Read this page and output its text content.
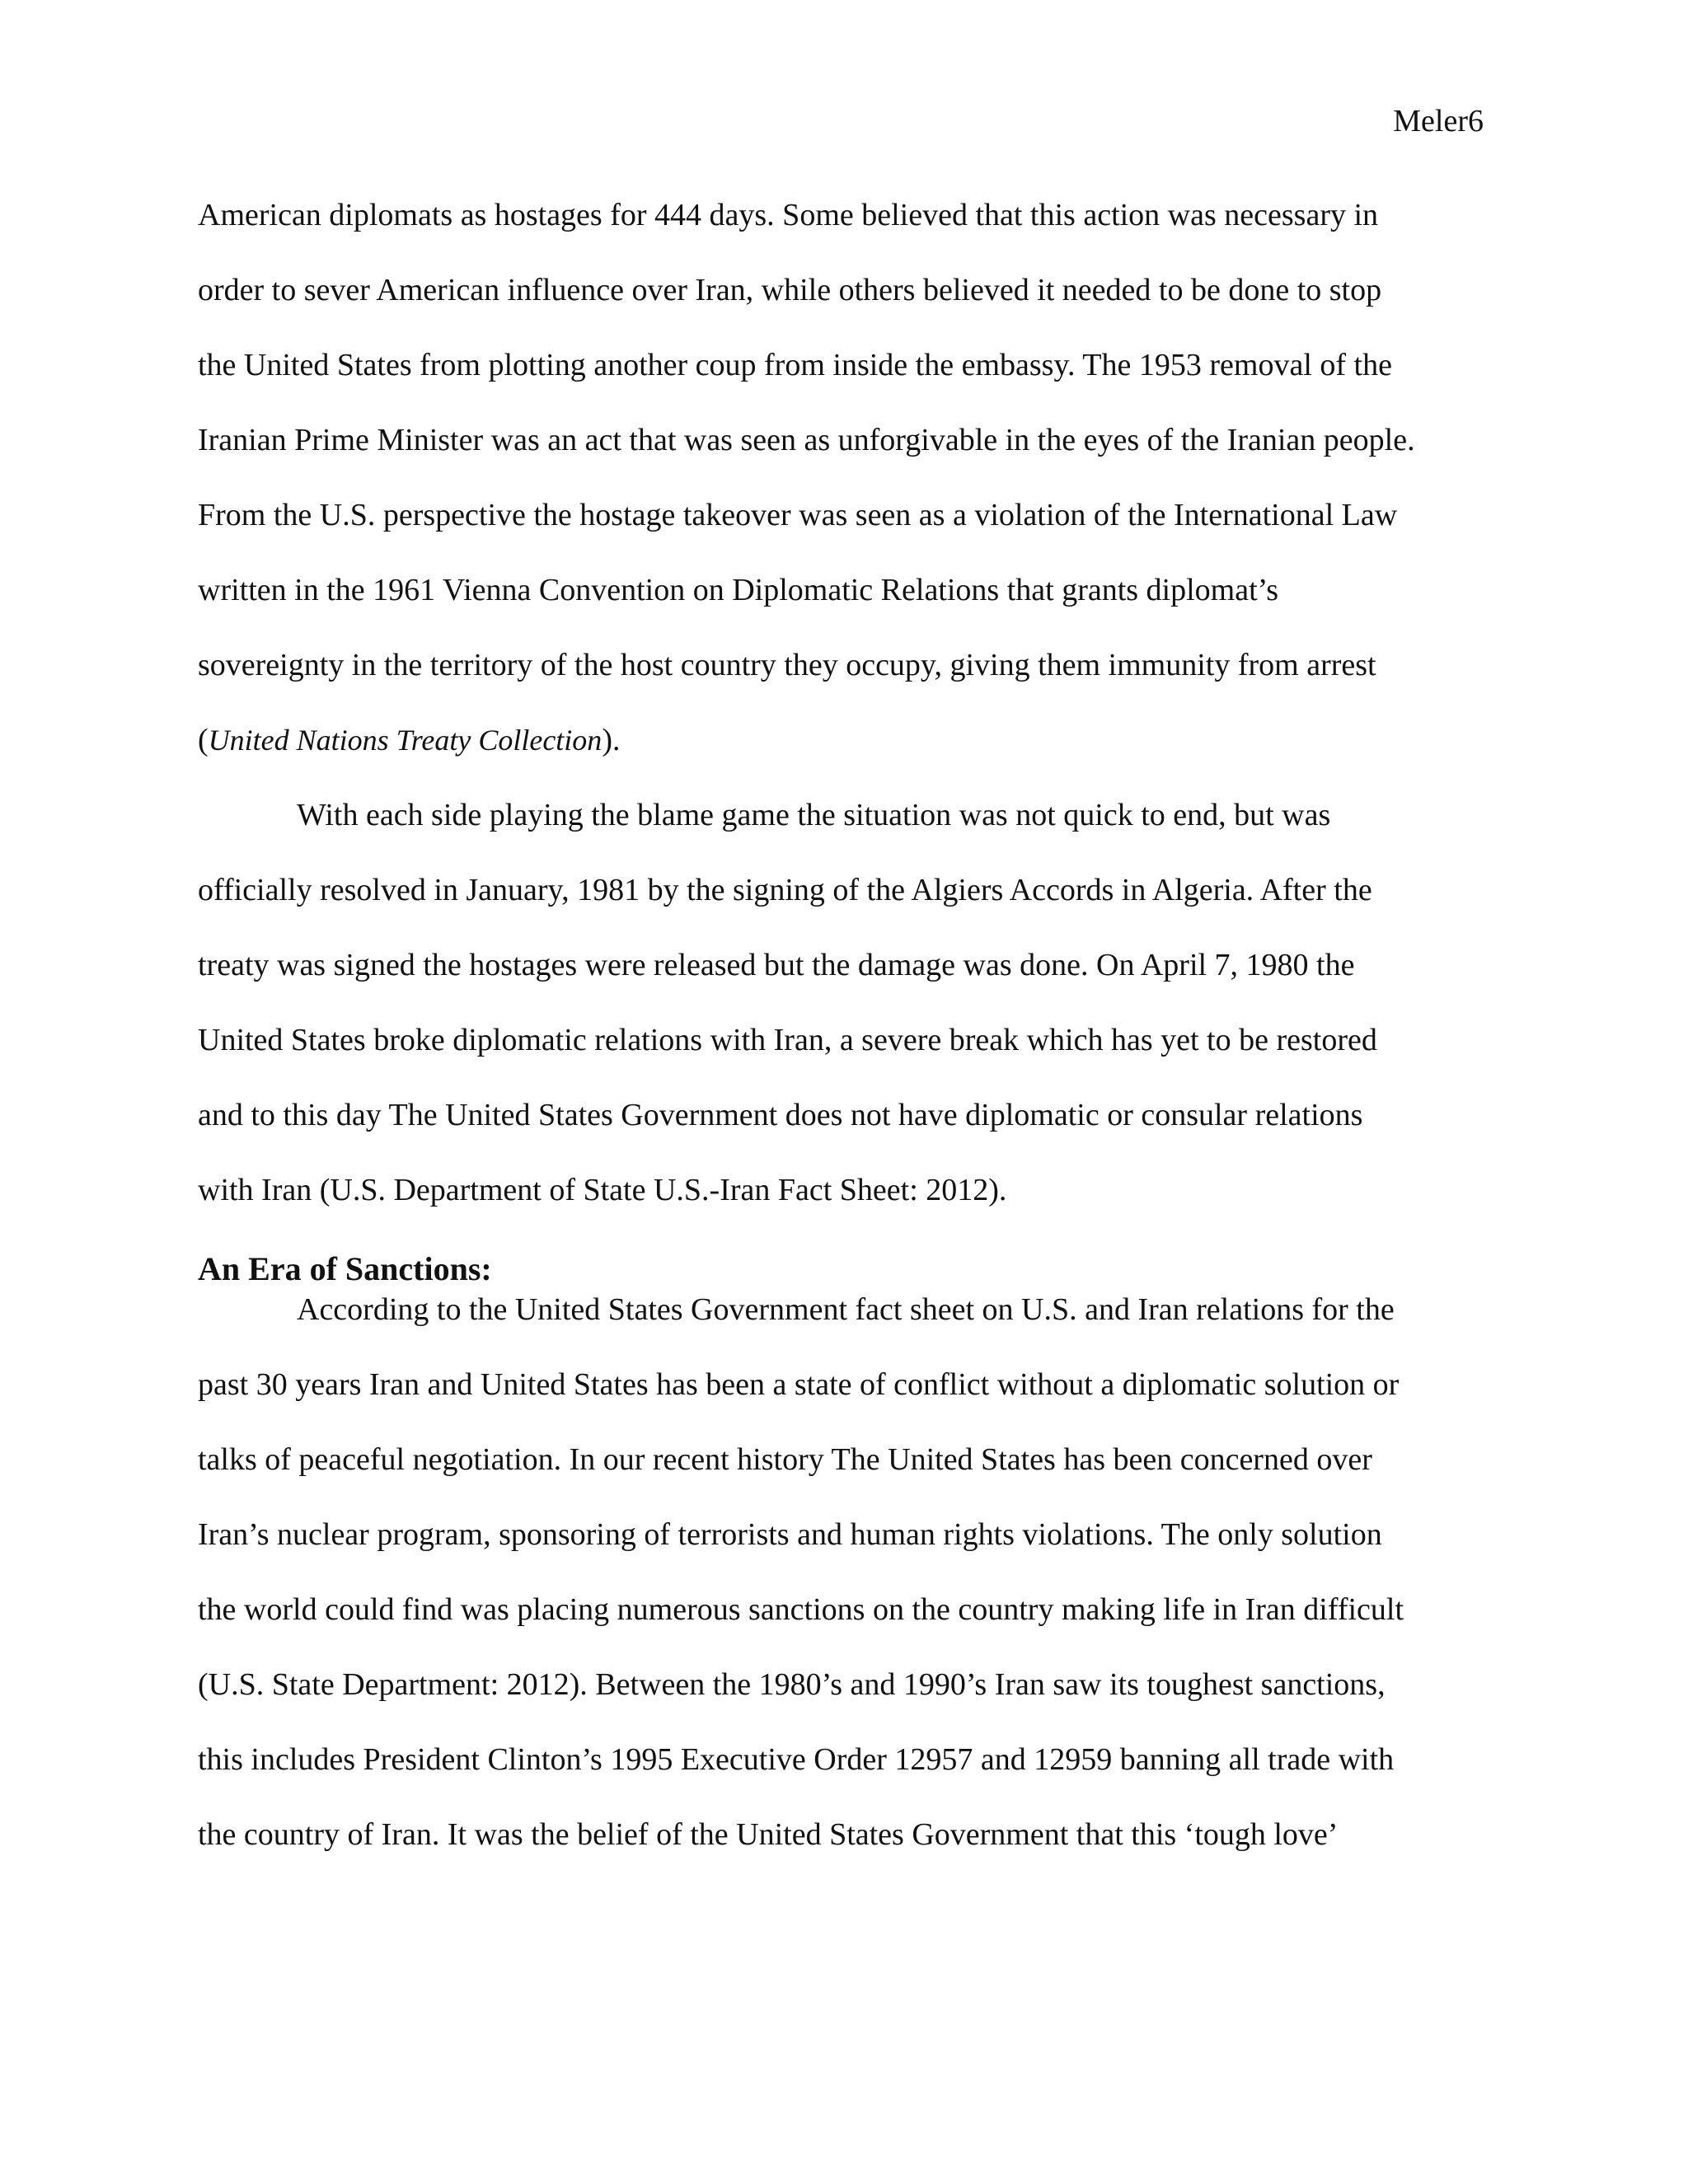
Meler6
American diplomats as hostages for 444 days. Some believed that this action was necessary in
order to sever American influence over Iran, while others believed it needed to be done to stop
the United States from plotting another coup from inside the embassy. The 1953 removal of the
Iranian Prime Minister was an act that was seen as unforgivable in the eyes of the Iranian people.
From the U.S. perspective the hostage takeover was seen as a violation of the International Law
written in the 1961 Vienna Convention on Diplomatic Relations that grants diplomat’s
sovereignty in the territory of the host country they occupy, giving them immunity from arrest
(United Nations Treaty Collection).
With each side playing the blame game the situation was not quick to end, but was
officially resolved in January, 1981 by the signing of the Algiers Accords in Algeria. After the
treaty was signed the hostages were released but the damage was done. On April 7, 1980 the
United States broke diplomatic relations with Iran, a severe break which has yet to be restored
and to this day The United States Government does not have diplomatic or consular relations
with Iran (U.S. Department of State U.S.-Iran Fact Sheet: 2012).
An Era of Sanctions:
According to the United States Government fact sheet on U.S. and Iran relations for the
past 30 years Iran and United States has been a state of conflict without a diplomatic solution or
talks of peaceful negotiation. In our recent history The United States has been concerned over
Iran’s nuclear program, sponsoring of terrorists and human rights violations. The only solution
the world could find was placing numerous sanctions on the country making life in Iran difficult
(U.S. State Department: 2012). Between the 1980’s and 1990’s Iran saw its toughest sanctions,
this includes President Clinton’s 1995 Executive Order 12957 and 12959 banning all trade with
the country of Iran. It was the belief of the United States Government that this ‘tough love’
